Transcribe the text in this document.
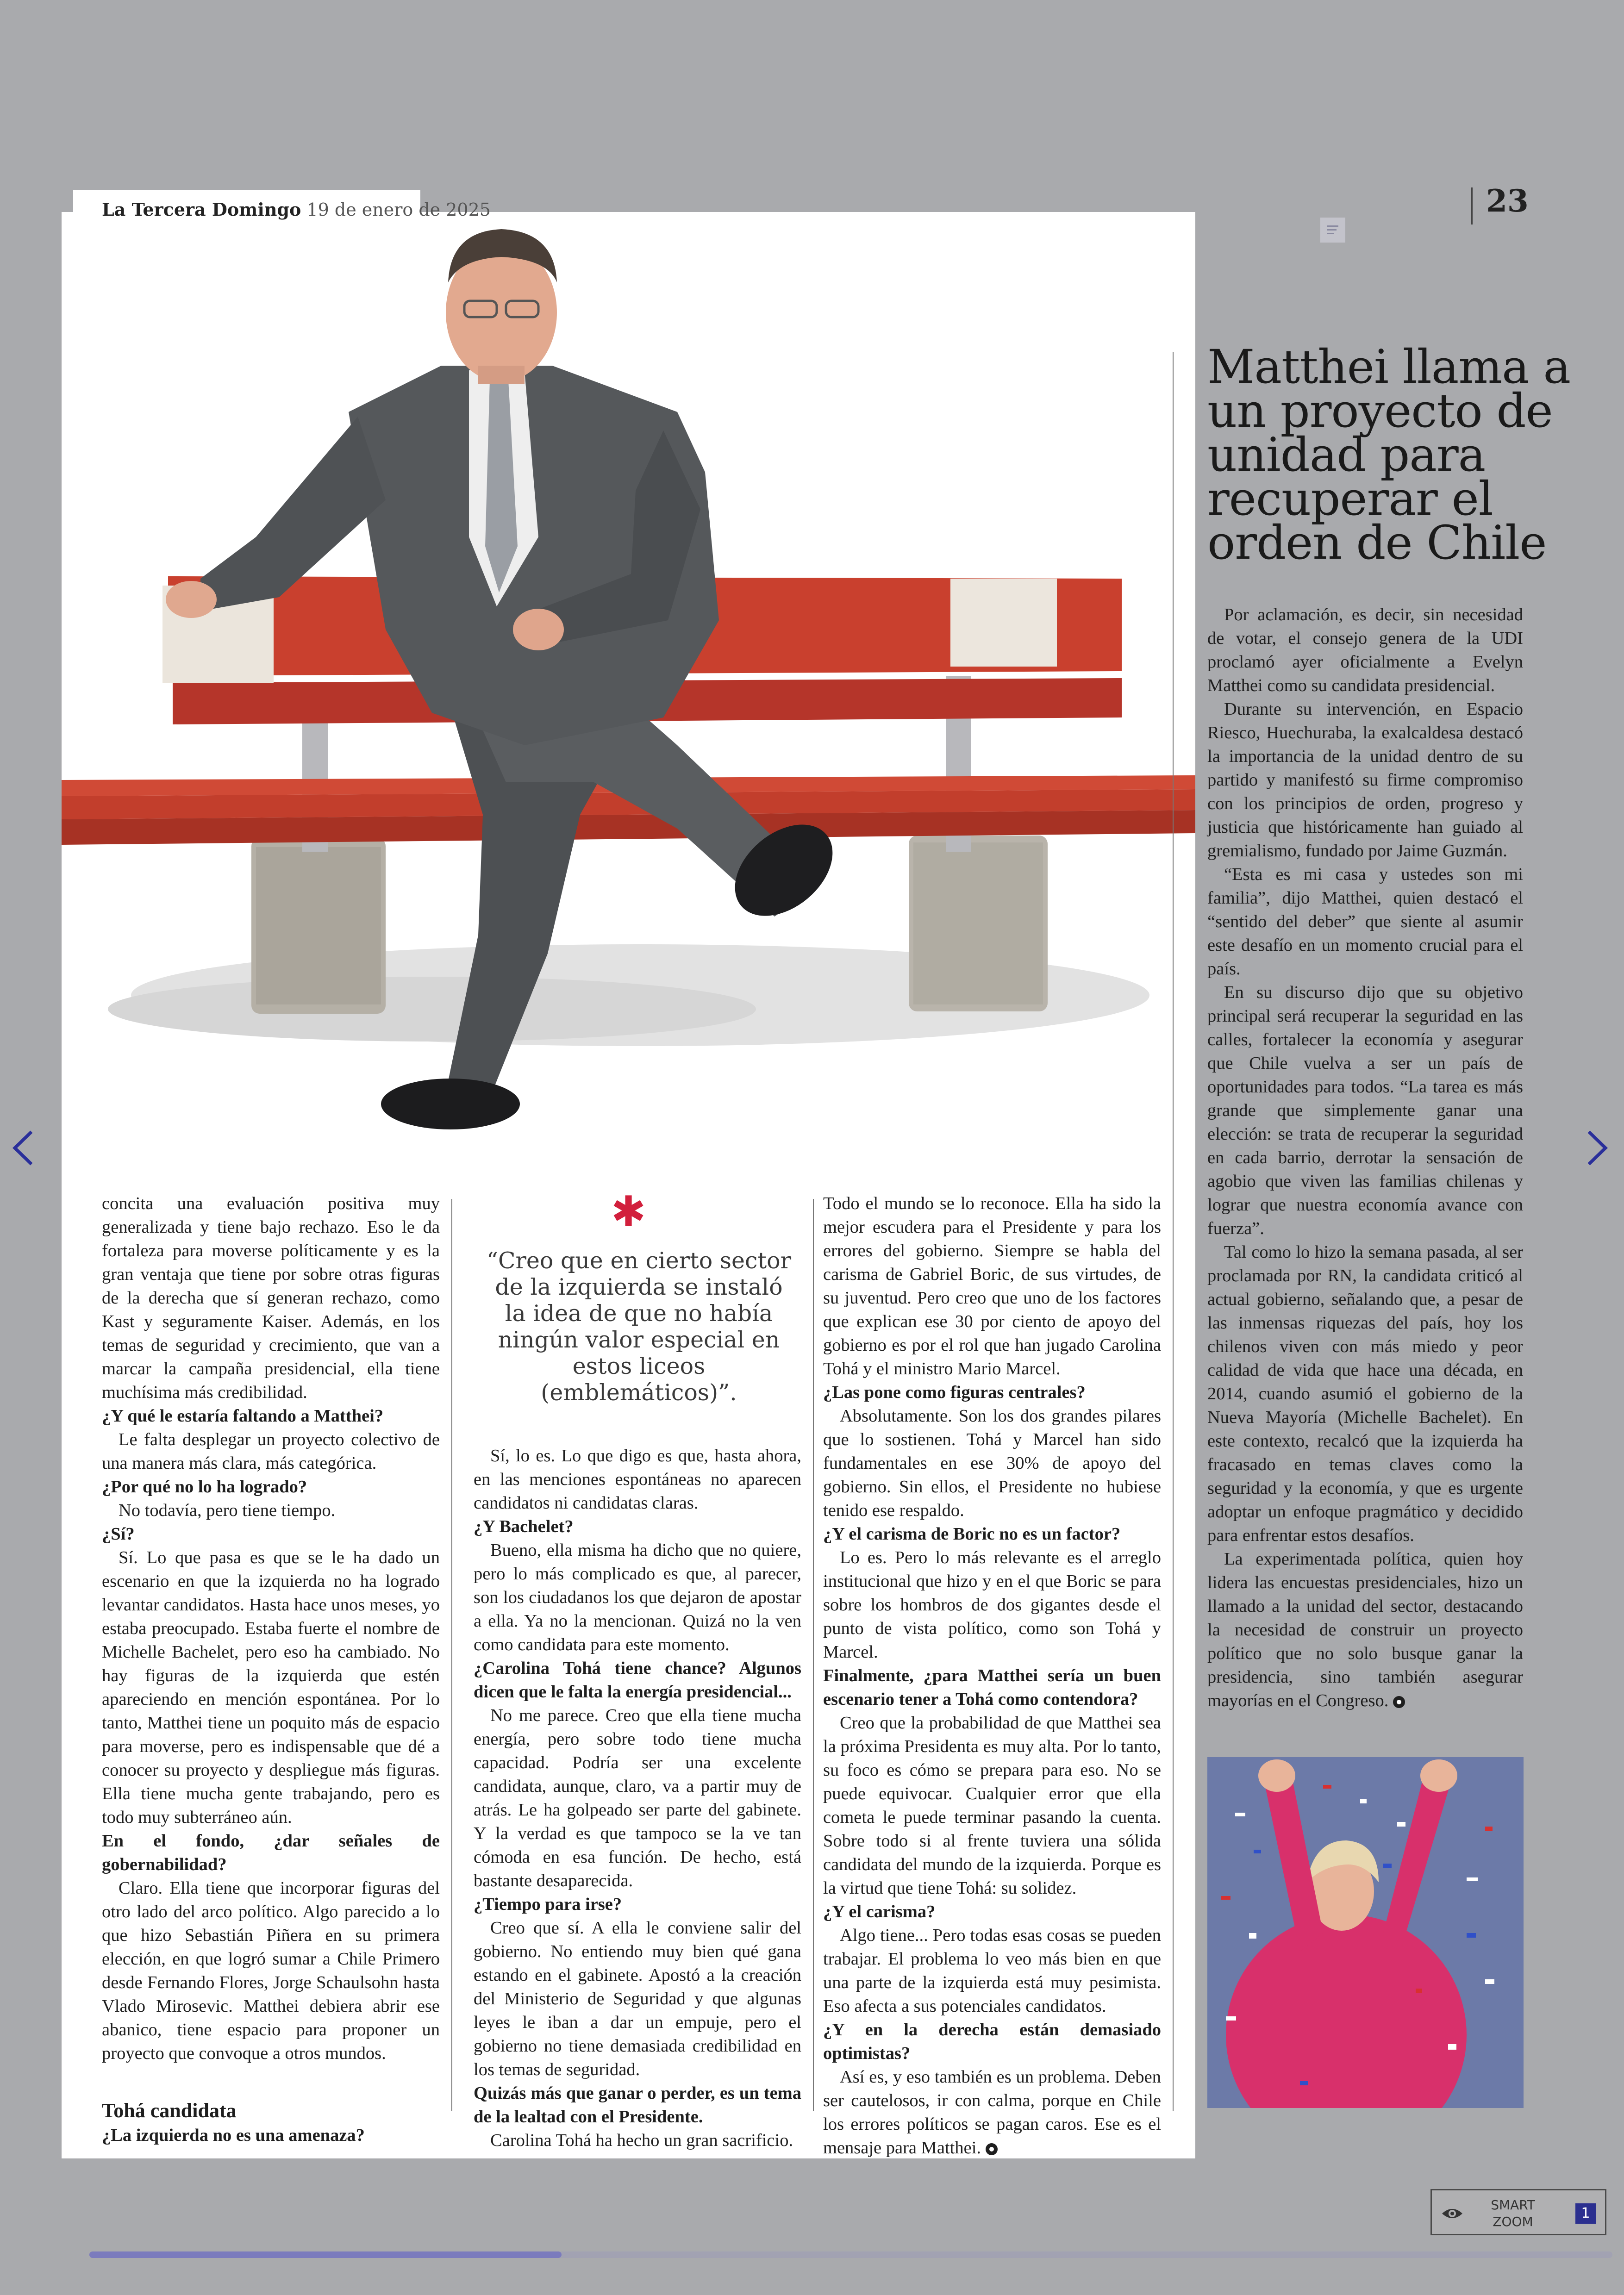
La Tercera Domingo 19 de enero de 2025	23

concita una evaluación positiva muy generalizada y tiene bajo rechazo. Eso le da fortaleza para moverse políticamente y es la gran ventaja que tiene por sobre otras figuras de la derecha que sí generan rechazo, como Kast y seguramente Kaiser. Además, en los temas de seguridad y crecimiento, que van a marcar la campaña presidencial, ella tiene muchísima más credibilidad.

¿Y qué le estaría faltando a Matthei?

Le falta desplegar un proyecto colectivo de una manera más clara, más categórica.

¿Por qué no lo ha logrado?

No todavía, pero tiene tiempo.

¿Sí?

Sí. Lo que pasa es que se le ha dado un escenario en que la izquierda no ha logrado levantar candidatos. Hasta hace unos meses, yo estaba preocupado. Estaba fuerte el nombre de Michelle Bachelet, pero eso ha cambiado. No hay figuras de la izquierda que estén apareciendo en mención espontánea. Por lo tanto, Matthei tiene un poquito más de espacio para moverse, pero es indispensable que dé a conocer su proyecto y despliegue más figuras. Ella tiene mucha gente trabajando, pero es todo muy subterráneo aún.

En el fondo, ¿dar señales de gobernabilidad?

Claro. Ella tiene que incorporar figuras del otro lado del arco político. Algo parecido a lo que hizo Sebastián Piñera en su primera elección, en que logró sumar a Chile Primero desde Fernando Flores, Jorge Schaulsohn hasta Vlado Mirosevic. Matthei debiera abrir ese abanico, tiene espacio para proponer un proyecto que convoque a otros mundos.

Tohá candidata

¿La izquierda no es una amenaza?

✱
“Creo que en cierto sector de la izquierda se instaló la idea de que no había ningún valor especial en estos liceos (emblemáticos)”.

Sí, lo es. Lo que digo es que, hasta ahora, en las menciones espontáneas no aparecen candidatos ni candidatas claras.

¿Y Bachelet?

Bueno, ella misma ha dicho que no quiere, pero lo más complicado es que, al parecer, son los ciudadanos los que dejaron de apostar a ella. Ya no la mencionan. Quizá no la ven como candidata para este momento.

¿Carolina Tohá tiene chance? Algunos dicen que le falta la energía presidencial...

No me parece. Creo que ella tiene mucha energía, pero sobre todo tiene mucha capacidad. Podría ser una excelente candidata, aunque, claro, va a partir muy de atrás. Le ha golpeado ser parte del gabinete. Y la verdad es que tampoco se la ve tan cómoda en esa función. De hecho, está bastante desaparecida.

¿Tiempo para irse?

Creo que sí. A ella le conviene salir del gobierno. No entiendo muy bien qué gana estando en el gabinete. Apostó a la creación del Ministerio de Seguridad y que algunas leyes le iban a dar un empuje, pero el gobierno no tiene demasiada credibilidad en los temas de seguridad.

Quizás más que ganar o perder, es un tema de la lealtad con el Presidente.

Carolina Tohá ha hecho un gran sacrificio.

Todo el mundo se lo reconoce. Ella ha sido la mejor escudera para el Presidente y para los errores del gobierno. Siempre se habla del carisma de Gabriel Boric, de sus virtudes, de su juventud. Pero creo que uno de los factores que explican ese 30 por ciento de apoyo del gobierno es por el rol que han jugado Carolina Tohá y el ministro Mario Marcel.

¿Las pone como figuras centrales?

Absolutamente. Son los dos grandes pilares que lo sostienen. Tohá y Marcel han sido fundamentales en ese 30% de apoyo del gobierno. Sin ellos, el Presidente no hubiese tenido ese respaldo.

¿Y el carisma de Boric no es un factor?

Lo es. Pero lo más relevante es el arreglo institucional que hizo y en el que Boric se para sobre los hombros de dos gigantes desde el punto de vista político, como son Tohá y Marcel.

Finalmente, ¿para Matthei sería un buen escenario tener a Tohá como contendora?

Creo que la probabilidad de que Matthei sea la próxima Presidenta es muy alta. Por lo tanto, su foco es cómo se prepara para eso. No se puede equivocar. Cualquier error que ella cometa le puede terminar pasando la cuenta. Sobre todo si al frente tuviera una sólida candidata del mundo de la izquierda. Porque es la virtud que tiene Tohá: su solidez.

¿Y el carisma?

Algo tiene... Pero todas esas cosas se pueden trabajar. El problema lo veo más bien en que una parte de la izquierda está muy pesimista. Eso afecta a sus potenciales candidatos.

¿Y en la derecha están demasiado optimistas?

Así es, y eso también es un problema. Deben ser cautelosos, ir con calma, porque en Chile los errores políticos se pagan caros. Ese es el mensaje para Matthei.

Matthei llama a un proyecto de unidad para recuperar el orden de Chile

Por aclamación, es decir, sin necesidad de votar, el consejo genera de la UDI proclamó ayer oficialmente a Evelyn Matthei como su candidata presidencial.

Durante su intervención, en Espacio Riesco, Huechuraba, la exalcaldesa destacó la importancia de la unidad dentro de su partido y manifestó su firme compromiso con los principios de orden, progreso y justicia que históricamente han guiado al gremialismo, fundado por Jaime Guzmán.

“Esta es mi casa y ustedes son mi familia”, dijo Matthei, quien destacó el “sentido del deber” que siente al asumir este desafío en un momento crucial para el país.

En su discurso dijo que su objetivo principal será recuperar la seguridad en las calles, fortalecer la economía y asegurar que Chile vuelva a ser un país de oportunidades para todos. “La tarea es más grande que simplemente ganar una elección: se trata de recuperar la seguridad en cada barrio, derrotar la sensación de agobio que viven las familias chilenas y lograr que nuestra economía avance con fuerza”.

Tal como lo hizo la semana pasada, al ser proclamada por RN, la candidata criticó al actual gobierno, señalando que, a pesar de las inmensas riquezas del país, hoy los chilenos viven con más miedo y peor calidad de vida que hace una década, en 2014, cuando asumió el gobierno de la Nueva Mayoría (Michelle Bachelet). En este contexto, recalcó que la izquierda ha fracasado en temas claves como la seguridad y la economía, y que es urgente adoptar un enfoque pragmático y decidido para enfrentar estos desafíos.

La experimentada política, quien hoy lidera las encuestas presidenciales, hizo un llamado a la unidad del sector, destacando la necesidad de construir un proyecto político que no solo busque ganar la presidencia, sino también asegurar mayorías en el Congreso.

SMART ZOOM
1
